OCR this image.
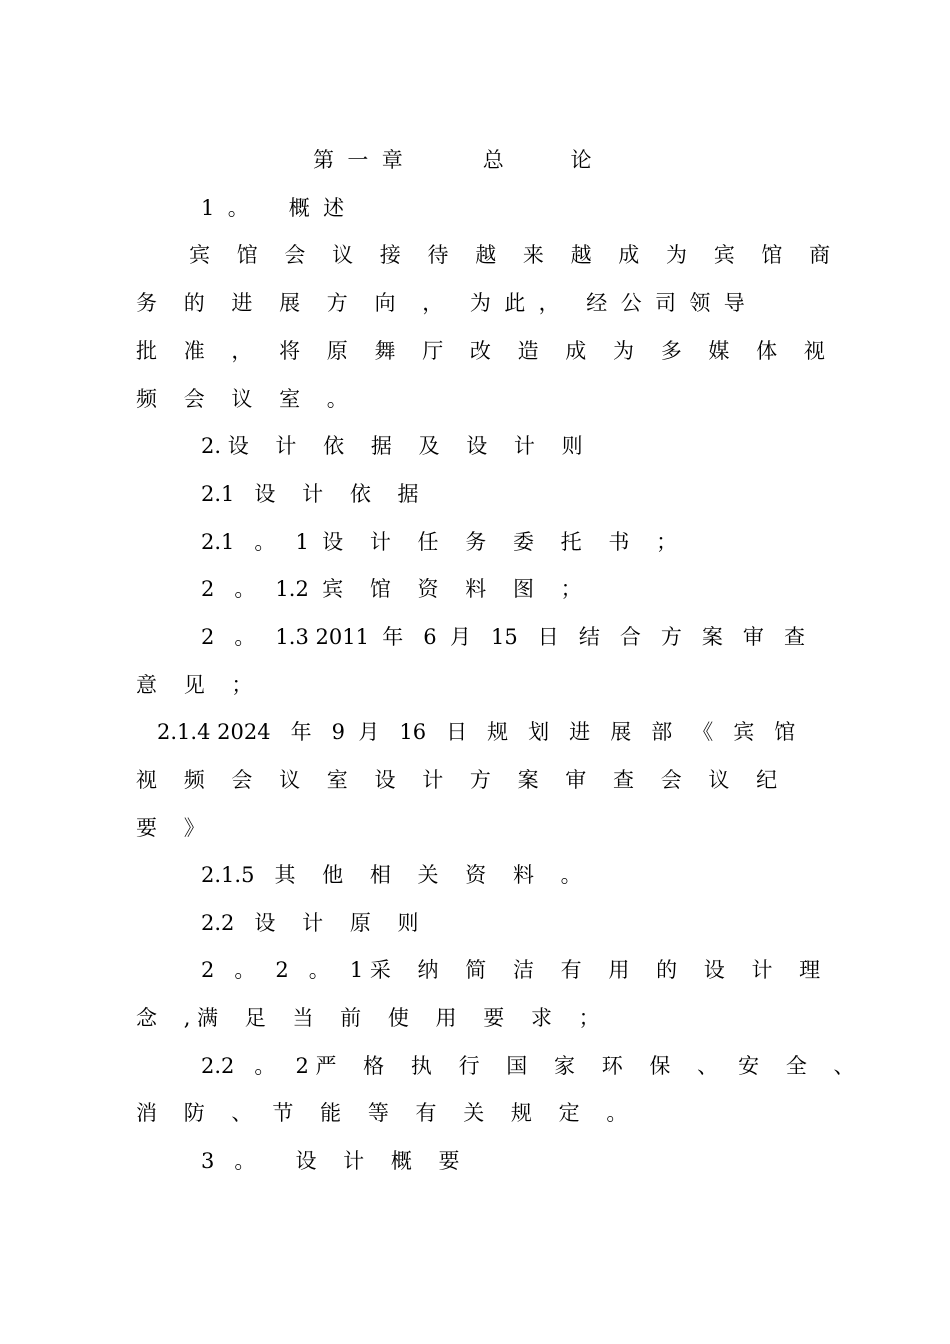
第  一  章            总          论
1  。      概  述
宾    馆    会    议    接    待    越    来    越    成    为    宾    馆    商
务    的    进    展    方    向    ，    为  此  ，    经  公  司  领  导
批    准    ，    将    原    舞    厅    改    造    成    为    多    媒    体    视
频    会    议    室    。
2. 设    计    依    据    及    设    计    则
2.1   设    计    依    据
2.1   。   1  设    计    任    务    委    托    书    ；
2   。   1.2  宾    馆    资    料    图    ；
2   。   1.3 2011  年   6  月   15   日   结   合   方   案   审   查
意    见    ；
2.1.4 2024   年   9  月   16   日   规   划   进   展   部   《   宾   馆
视    频    会    议    室    设    计    方    案    审    查    会    议    纪
要    》
2.1.5   其    他    相    关    资    料    。
2.2   设    计    原    则
2   。   2   。   1 采    纳    简    洁    有    用    的    设    计    理
念    , 满    足    当    前    使    用    要    求    ；
2.2   。   2 严    格    执    行    国    家    环    保    、   安    全    、
消    防    、   节    能    等    有    关    规    定    。
3   。      设    计    概    要
